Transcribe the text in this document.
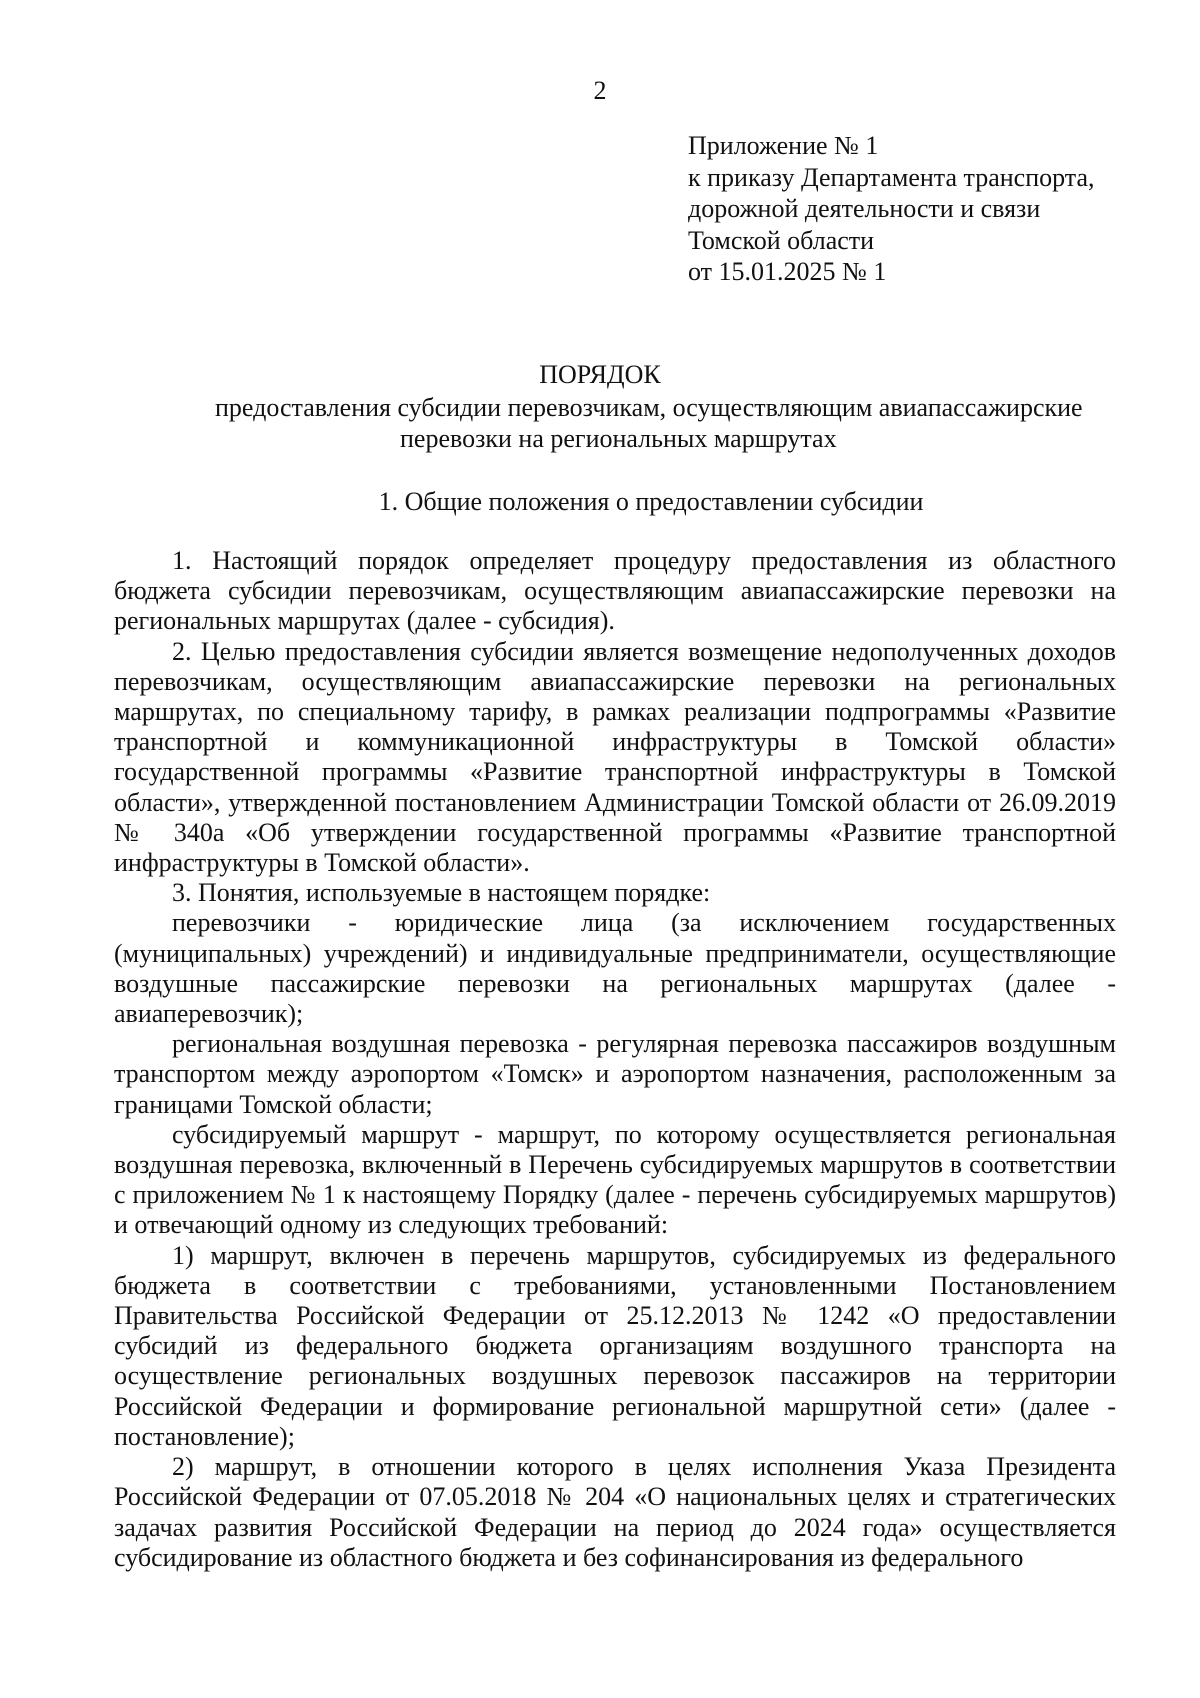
2
Приложение № 1
к приказу Департамента транспорта,
дорожной деятельности и связи
Томской области
от 15.01.2025 № 1
ПОРЯДОК
предоставления субсидии перевозчикам, осуществляющим авиапассажирские
перевозки на региональных маршрутах
1. Общие положения о предоставлении субсидии

1. Настоящий порядок определяет процедуру предоставления из областного бюджета субсидии перевозчикам, осуществляющим авиапассажирские перевозки на региональных маршрутах (далее - субсидия).

2. Целью предоставления субсидии является возмещение недополученных доходов перевозчикам, осуществляющим авиапассажирские перевозки на региональных маршрутах, по специальному тарифу, в рамках реализации подпрограммы «Развитие транспортной и коммуникационной инфраструктуры в Томской области» государственной программы «Развитие транспортной инфраструктуры в Томской области», утвержденной постановлением Администрации Томской области от 26.09.2019 № 340а «Об утверждении государственной программы «Развитие транспортной инфраструктуры в Томской области».

3. Понятия, используемые в настоящем порядке:

перевозчики - юридические лица (за исключением государственных (муниципальных) учреждений) и индивидуальные предприниматели, осуществляющие воздушные пассажирские перевозки на региональных маршрутах (далее - авиаперевозчик);

региональная воздушная перевозка - регулярная перевозка пассажиров воздушным транспортом между аэропортом «Томск» и аэропортом назначения, расположенным за границами Томской области;

субсидируемый маршрут - маршрут, по которому осуществляется региональная воздушная перевозка, включенный в Перечень субсидируемых маршрутов в соответствии с приложением № 1 к настоящему Порядку (далее - перечень субсидируемых маршрутов) и отвечающий одному из следующих требований:

1) маршрут, включен в перечень маршрутов, субсидируемых из федерального бюджета в соответствии с требованиями, установленными Постановлением Правительства Российской Федерации от 25.12.2013 № 1242 «О предоставлении субсидий из федерального бюджета организациям воздушного транспорта на осуществление региональных воздушных перевозок пассажиров на территории Российской Федерации и формирование региональной маршрутной сети» (далее - постановление);

2) маршрут, в отношении которого в целях исполнения Указа Президента Российской Федерации от 07.05.2018 № 204 «О национальных целях и стратегических задачах развития Российской Федерации на период до 2024 года» осуществляется субсидирование из областного бюджета и без софинансирования из федерального
